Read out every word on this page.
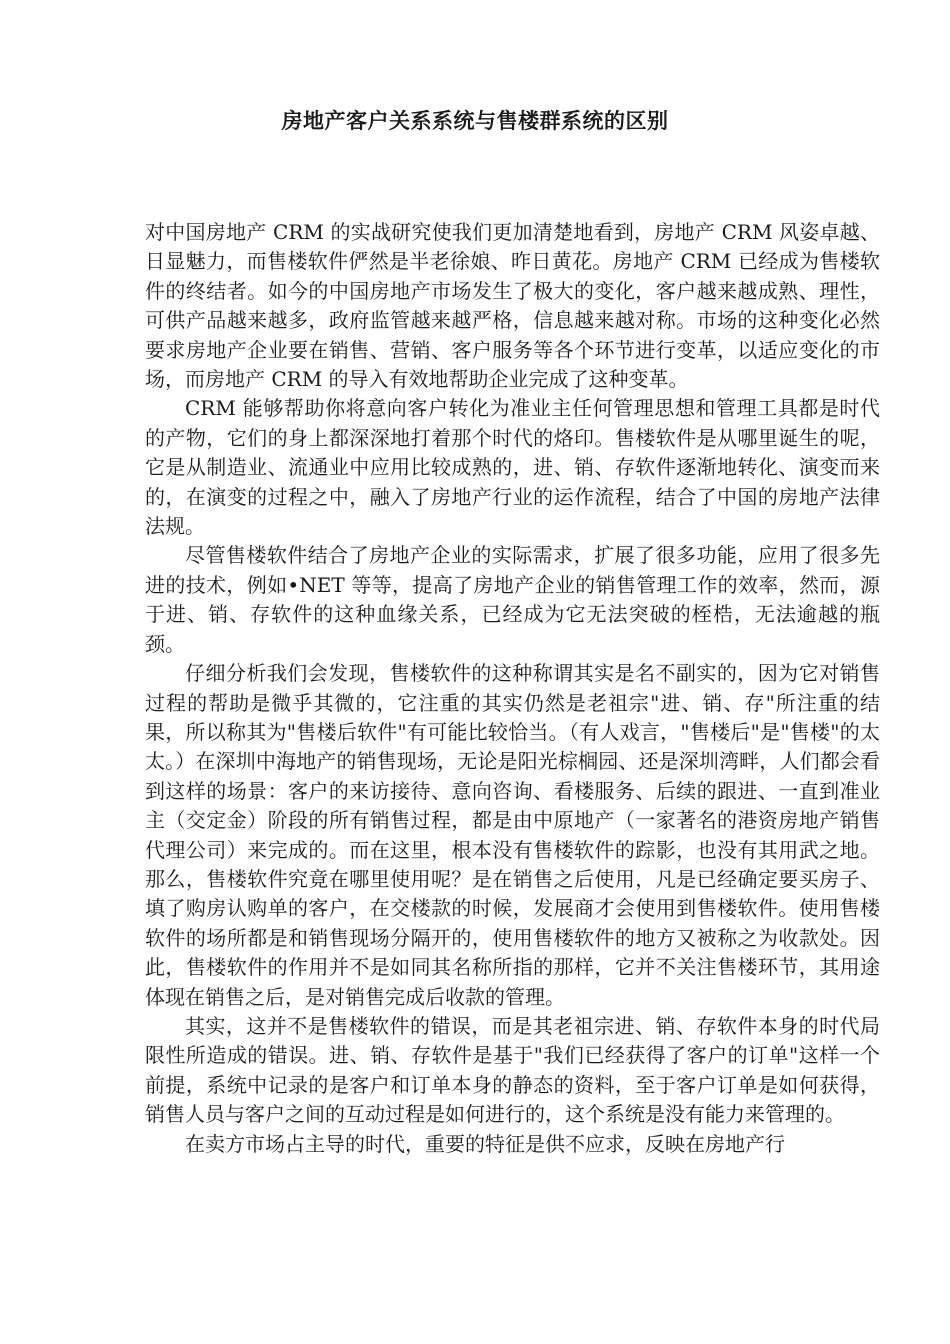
房地产客户关系系统与售楼群系统的区别

对中国房地产 CRM 的实战研究使我们更加清楚地看到，房地产 CRM 风姿卓越、日显魅力，而售楼软件俨然是半老徐娘、昨日黄花。房地产 CRM 已经成为售楼软件的终结者。如今的中国房地产市场发生了极大的变化，客户越来越成熟、理性，可供产品越来越多，政府监管越来越严格，信息越来越对称。市场的这种变化必然要求房地产企业要在销售、营销、客户服务等各个环节进行变革，以适应变化的市场，而房地产 CRM 的导入有效地帮助企业完成了这种变革。

CRM 能够帮助你将意向客户转化为准业主任何管理思想和管理工具都是时代的产物，它们的身上都深深地打着那个时代的烙印。售楼软件是从哪里诞生的呢，它是从制造业、流通业中应用比较成熟的，进、销、存软件逐渐地转化、演变而来的，在演变的过程之中，融入了房地产行业的运作流程，结合了中国的房地产法律法规。

尽管售楼软件结合了房地产企业的实际需求，扩展了很多功能，应用了很多先进的技术，例如•NET 等等，提高了房地产企业的销售管理工作的效率，然而，源于进、销、存软件的这种血缘关系，已经成为它无法突破的桎梏，无法逾越的瓶颈。

仔细分析我们会发现，售楼软件的这种称谓其实是名不副实的，因为它对销售过程的帮助是微乎其微的，它注重的其实仍然是老祖宗"进、销、存"所注重的结果，所以称其为"售楼后软件"有可能比较恰当。（有人戏言，"售楼后"是"售楼"的太太。）在深圳中海地产的销售现场，无论是阳光棕榈园、还是深圳湾畔，人们都会看到这样的场景：客户的来访接待、意向咨询、看楼服务、后续的跟进、一直到准业主（交定金）阶段的所有销售过程，都是由中原地产（一家著名的港资房地产销售代理公司）来完成的。而在这里，根本没有售楼软件的踪影，也没有其用武之地。那么，售楼软件究竟在哪里使用呢？是在销售之后使用，凡是已经确定要买房子、填了购房认购单的客户，在交楼款的时候，发展商才会使用到售楼软件。使用售楼软件的场所都是和销售现场分隔开的，使用售楼软件的地方又被称之为收款处。因此，售楼软件的作用并不是如同其名称所指的那样，它并不关注售楼环节，其用途体现在销售之后，是对销售完成后收款的管理。

其实，这并不是售楼软件的错误，而是其老祖宗进、销、存软件本身的时代局限性所造成的错误。进、销、存软件是基于"我们已经获得了客户的订单"这样一个前提，系统中记录的是客户和订单本身的静态的资料，至于客户订单是如何获得，销售人员与客户之间的互动过程是如何进行的，这个系统是没有能力来管理的。

在卖方市场占主导的时代，重要的特征是供不应求，反映在房地产行
